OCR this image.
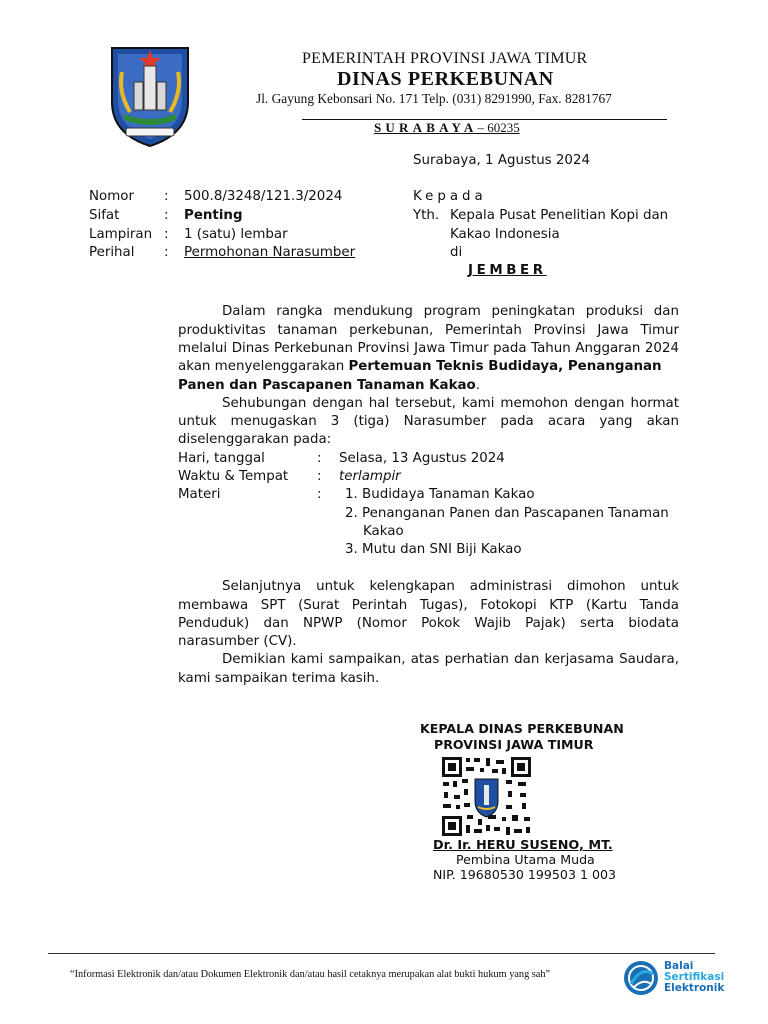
PEMERINTAH PROVINSI JAWA TIMUR
DINAS PERKEBUNAN
Jl. Gayung Kebonsari No. 171 Telp. (031) 8291990, Fax. 8281767
SURABAYA– 60235
Surabaya, 1 Agustus 2024
Nomor : 500.8/3248/121.3/2024
Sifat	: Penting
Lampiran : 1 (satu) lembar
Perihal : Permohonan Narasumber
Kepada
Yth. Kepala Pusat Penelitian Kopi dan
Kakao Indonesia
di
JEMBER
Dalam rangka mendukung program peningkatan produksi dan
produktivitas tanaman perkebunan, Pemerintah Provinsi Jawa Timur
melalui Dinas Perkebunan Provinsi Jawa Timur pada Tahun Anggaran 2024
akan menyelenggarakan Pertemuan Teknis Budidaya, Penanganan
Panen dan Pascapanen Tanaman Kakao.
Sehubungan dengan hal tersebut, kami memohon dengan hormat
untuk menugaskan 3 (tiga) Narasumber pada acara yang akan
diselenggarakan pada:
Hari, tanggal	: Selasa, 13 Agustus 2024
Waktu & Tempat : terlampir
Materi	: 1. Budidaya Tanaman Kakao
2. Penanganan Panen dan Pascapanen Tanaman
Kakao
3. Mutu dan SNI Biji Kakao
Selanjutnya untuk kelengkapan administrasi dimohon untuk
membawa SPT (Surat Perintah Tugas), Fotokopi KTP (Kartu Tanda
Penduduk) dan NPWP (Nomor Pokok Wajib Pajak) serta biodata
narasumber (CV).
Demikian kami sampaikan, atas perhatian dan kerjasama Saudara,
kami sampaikan terima kasih.
KEPALA DINAS PERKEBUNAN
PROVINSI JAWA TIMUR
Dr. Ir. HERU SUSENO, MT.
Pembina Utama Muda
NIP. 19680530 199503 1 003
“Informasi Elektronik dan/atau Dokumen Elektronik dan/atau hasil cetaknya merupakan alat bukti hukum yang sah”
Balai
Sertifikasi
Elektronik
